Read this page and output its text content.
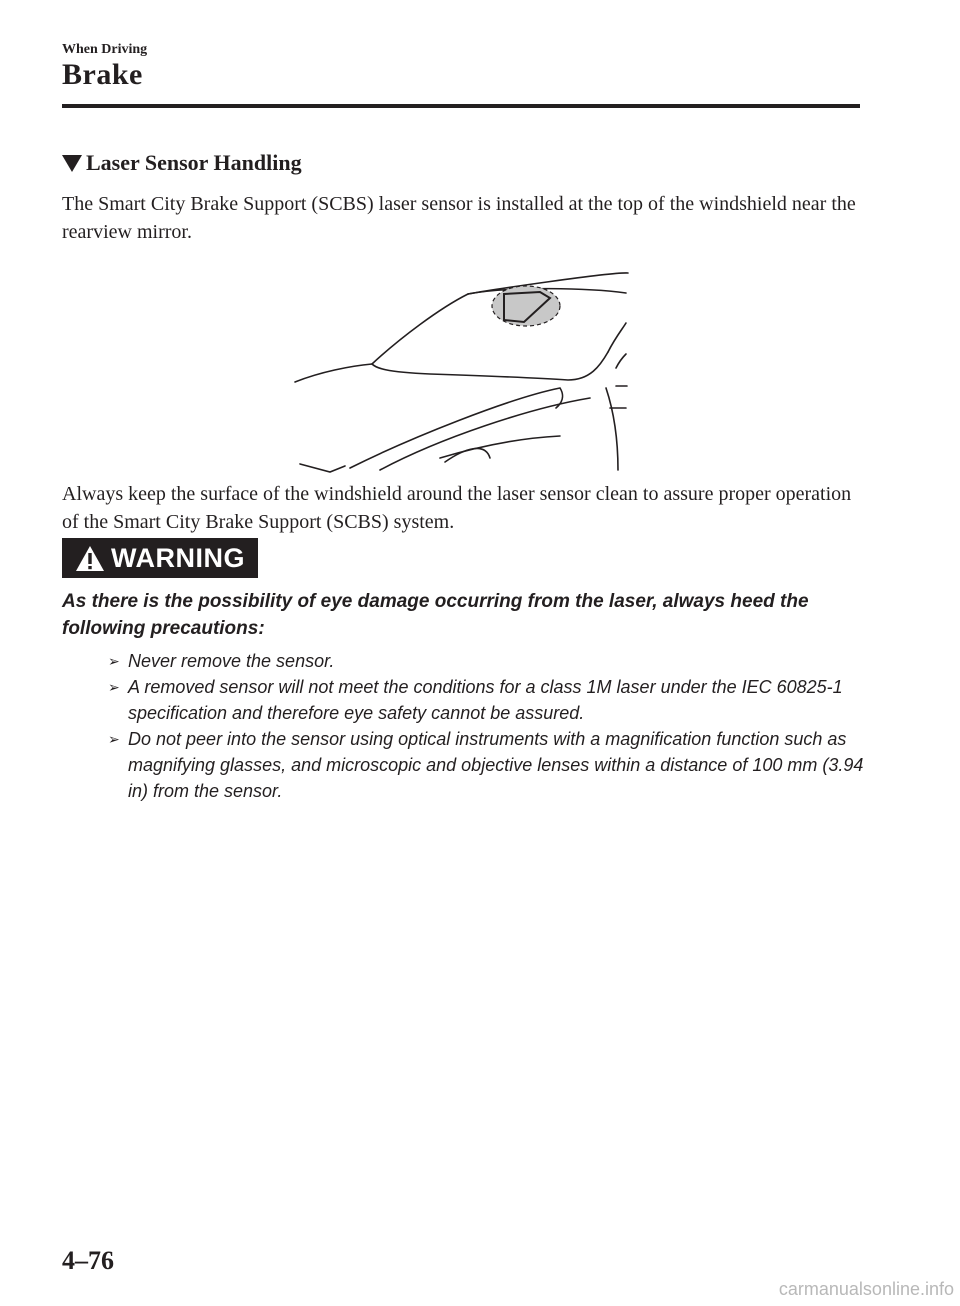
When Driving
Brake
Laser Sensor Handling

The Smart City Brake Support (SCBS) laser sensor is installed at the top of the windshield near the rearview mirror.

Always keep the surface of the windshield around the laser sensor clean to assure proper operation of the Smart City Brake Support (SCBS) system.

WARNING

As there is the possibility of eye damage occurring from the laser, always heed the following precautions:

➢ Never remove the sensor.
➢ A removed sensor will not meet the conditions for a class 1M laser under the IEC 60825-1 specification and therefore eye safety cannot be assured.
➢ Do not peer into the sensor using optical instruments with a magnification function such as magnifying glasses, and microscopic and objective lenses within a distance of 100 mm (3.94 in) from the sensor.
4–76
carmanualsonline.info
